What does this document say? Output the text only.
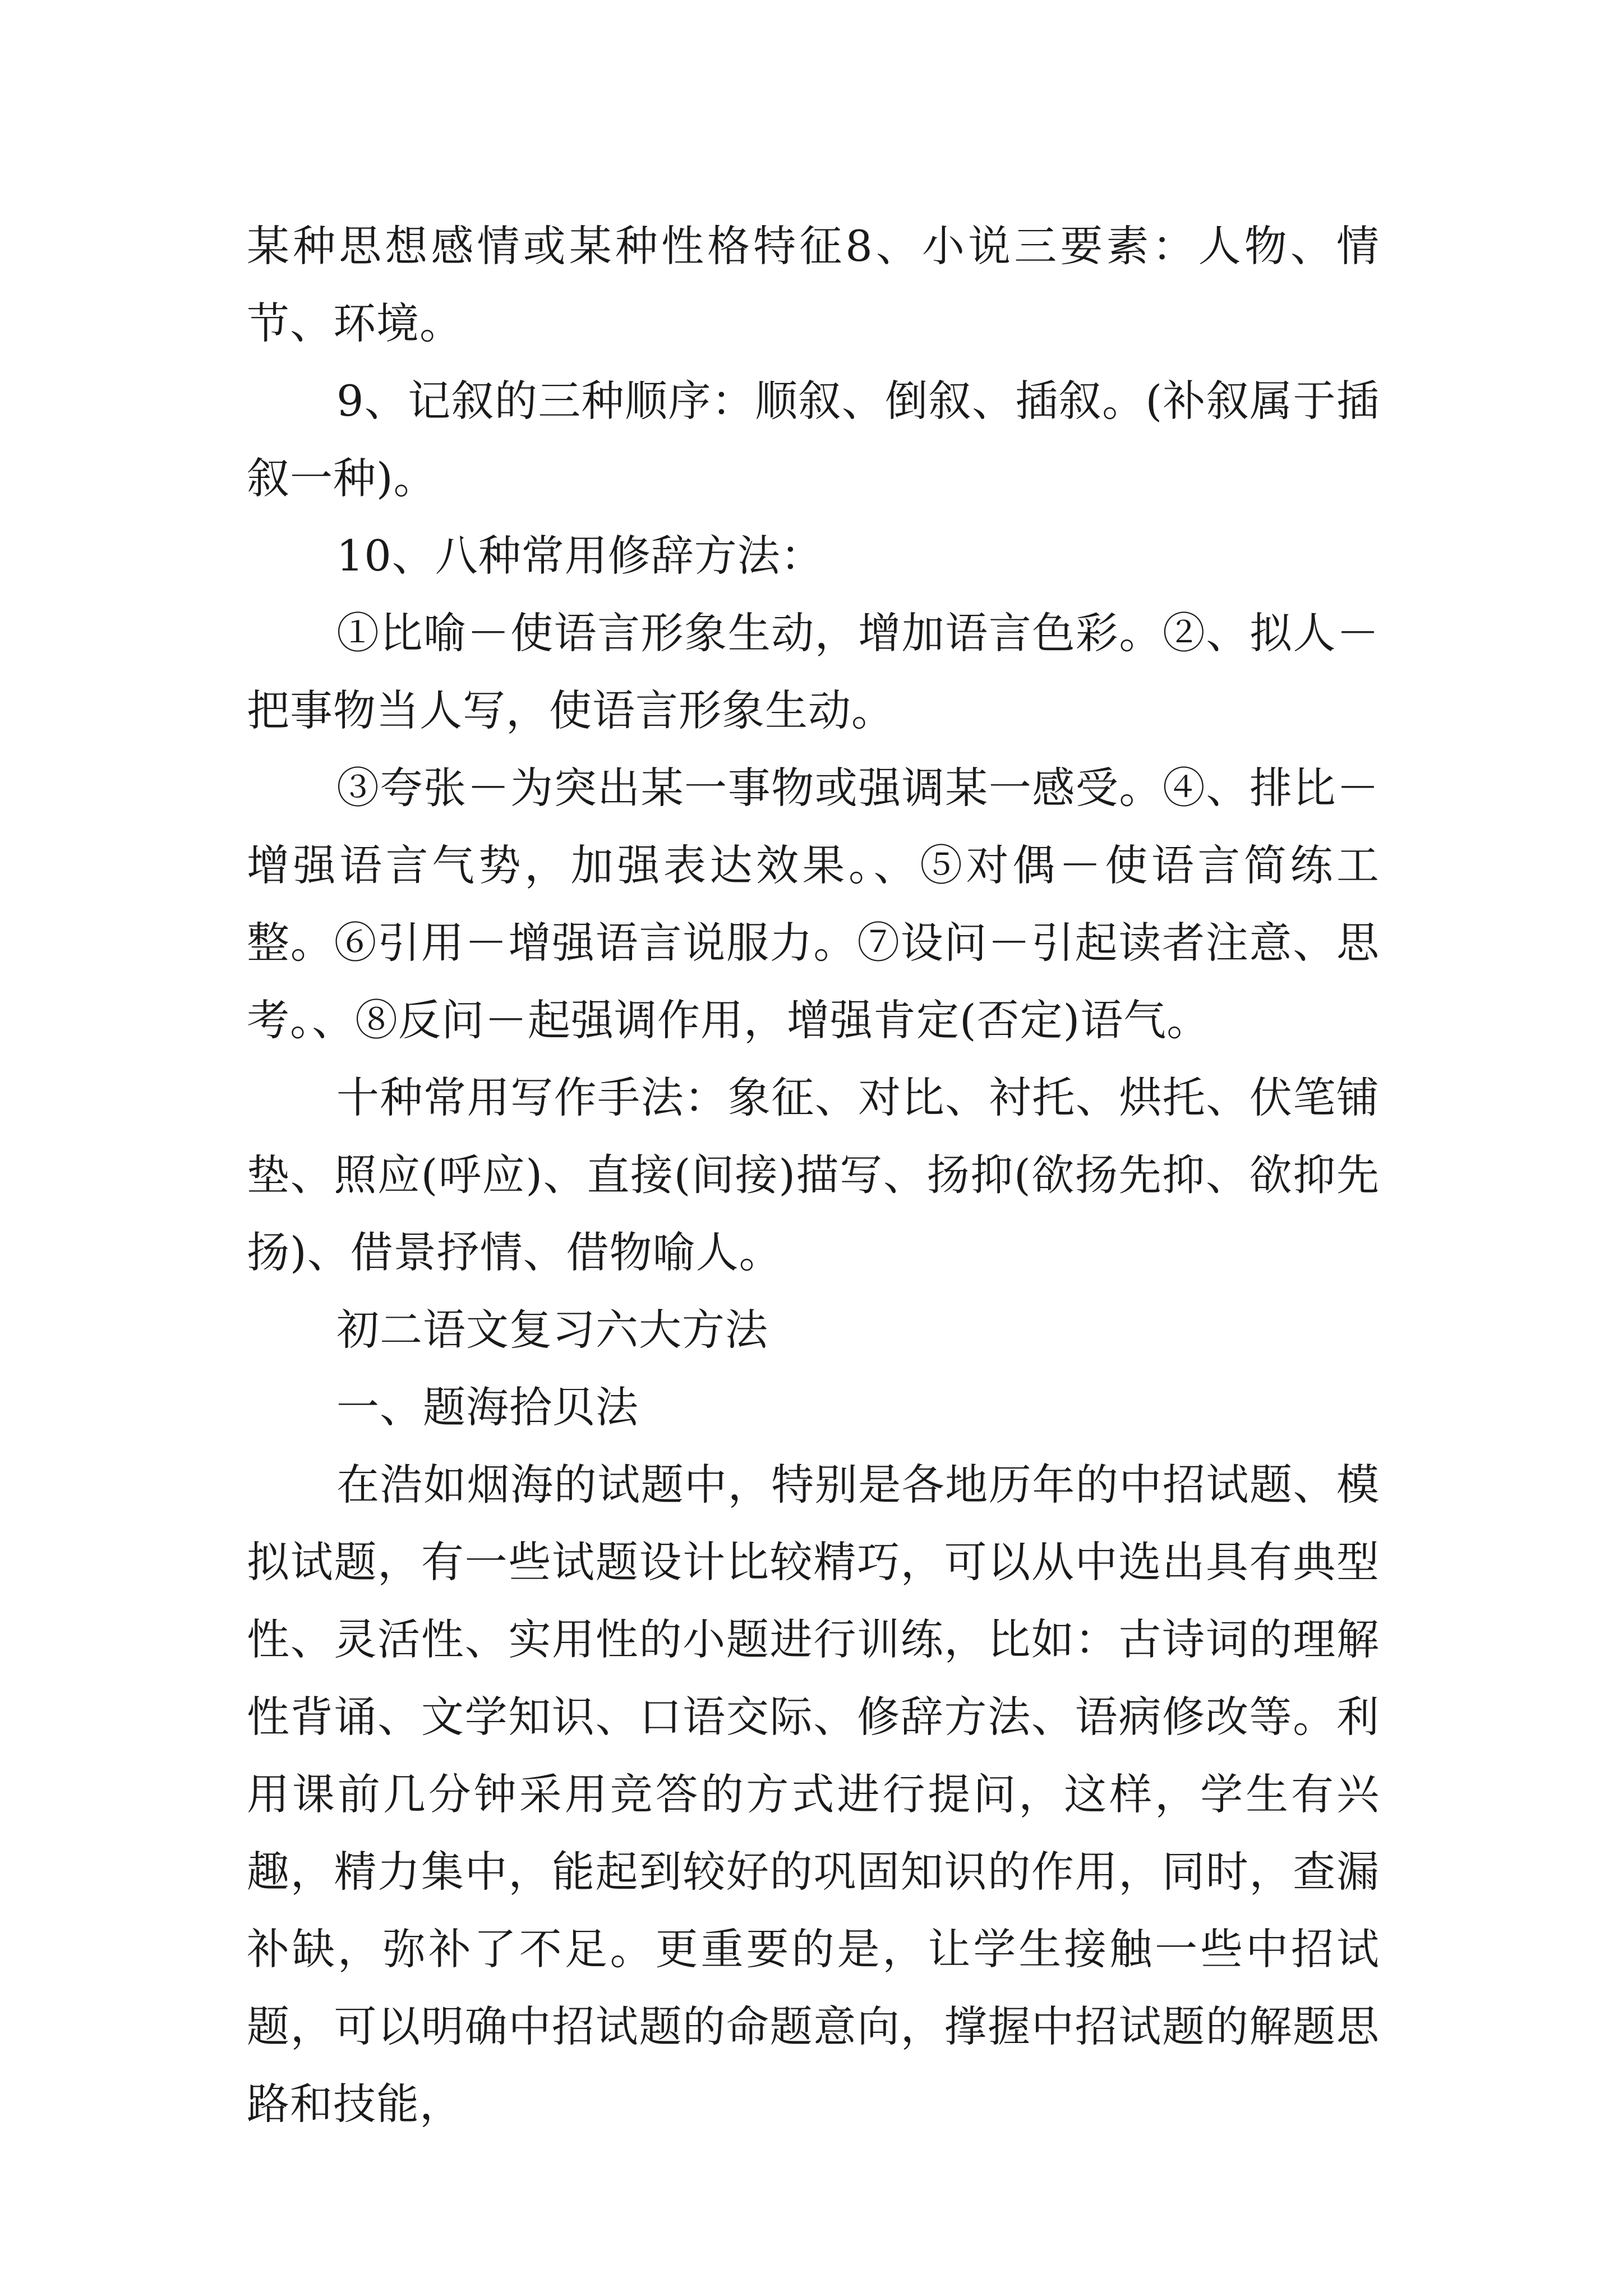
某种思想感情或某种性格特征8、小说三要素：人物、情节、环境。

9、记叙的三种顺序：顺叙、倒叙、插叙。(补叙属于插叙一种)。

10、八种常用修辞方法：

①比喻－使语言形象生动，增加语言色彩。②、拟人－把事物当人写，使语言形象生动。

③夸张－为突出某一事物或强调某一感受。④、排比－增强语言气势，加强表达效果。、⑤对偶－使语言简练工整。⑥引用－增强语言说服力。⑦设问－引起读者注意、思考。、⑧反问－起强调作用，增强肯定(否定)语气。

十种常用写作手法：象征、对比、衬托、烘托、伏笔铺垫、照应(呼应)、直接(间接)描写、扬抑(欲扬先抑、欲抑先扬)、借景抒情、借物喻人。

初二语文复习六大方法

一、题海拾贝法

在浩如烟海的试题中，特别是各地历年的中招试题、模拟试题，有一些试题设计比较精巧，可以从中选出具有典型性、灵活性、实用性的小题进行训练，比如：古诗词的理解性背诵、文学知识、口语交际、修辞方法、语病修改等。利用课前几分钟采用竞答的方式进行提问，这样，学生有兴趣，精力集中，能起到较好的巩固知识的作用，同时，查漏补缺，弥补了不足。更重要的是，让学生接触一些中招试题，可以明确中招试题的命题意向，撑握中招试题的解题思路和技能，
